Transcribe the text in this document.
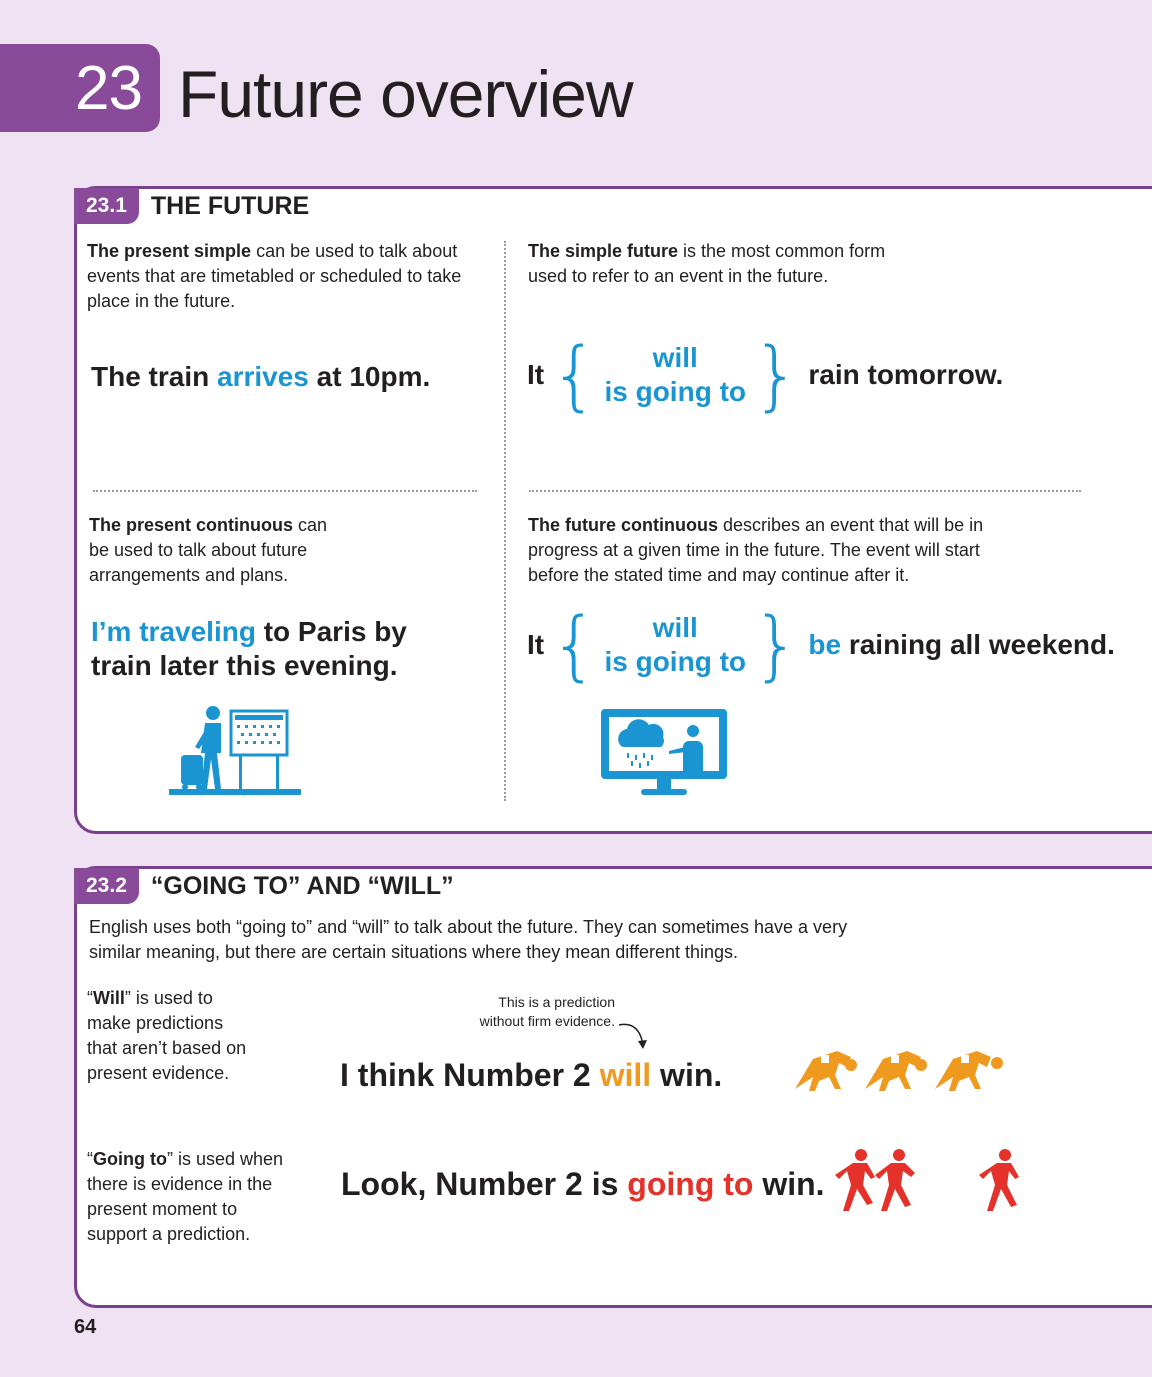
23 Future overview
23.1 THE FUTURE
The present simple can be used to talk about events that are timetabled or scheduled to take place in the future.
The train arrives at 10pm.
The simple future is the most common form used to refer to an event in the future.
It { will
is going to } rain tomorrow.
The present continuous can be used to talk about future arrangements and plans.
I’m traveling to Paris by train later this evening.
The future continuous describes an event that will be in progress at a given time in the future. The event will start before the stated time and may continue after it.
It { will
is going to } be raining all weekend.
23.2 “GOING TO” AND “WILL”
English uses both “going to” and “will” to talk about the future. They can sometimes have a very similar meaning, but there are certain situations where they mean different things.
“Will” is used to make predictions that aren’t based on present evidence.
This is a prediction without firm evidence.
I think Number 2 will win.
“Going to” is used when there is evidence in the present moment to support a prediction.
Look, Number 2 is going to win.
64
